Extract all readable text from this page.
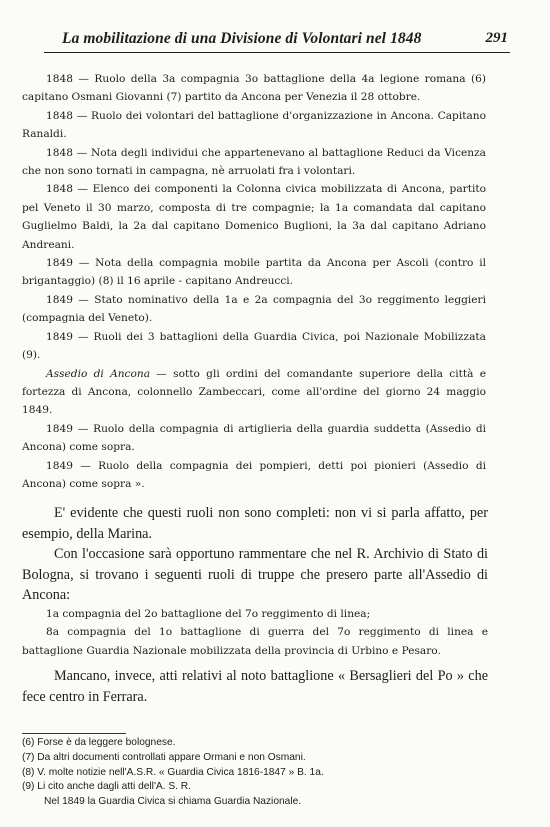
La mobilitazione di una Divisione di Volontari nel 1848	291

1848 — Ruolo della 3a compagnia 3o battaglione della 4a legione romana (6) capitano Osmani Giovanni (7) partito da Ancona per Venezia il 28 ottobre.

1848 — Ruolo dei volontari del battaglione d'organizzazione in Ancona. Capitano Ranaldi.

1848 — Nota degli individui che appartenevano al battaglione Reduci da Vicenza che non sono tornati in campagna, nè arruolati fra i volontari.

1848 — Elenco dei componenti la Colonna civica mobilizzata di Ancona, partito pel Veneto il 30 marzo, composta di tre compagnie; la 1a comandata dal capitano Guglielmo Baldi, la 2a dal capitano Domenico Buglioni, la 3a dal capitano Adriano Andreani.

1849 — Nota della compagnia mobile partita da Ancona per Ascoli (contro il brigantaggio) (8) il 16 aprile - capitano Andreucci.

1849 — Stato nominativo della 1a e 2a compagnia del 3o reggimento leggieri (compagnia del Veneto).

1849 — Ruoli dei 3 battaglioni della Guardia Civica, poi Nazionale Mobilizzata (9).

Assedio di Ancona — sotto gli ordini del comandante superiore della città e fortezza di Ancona, colonnello Zambeccari, come all'ordine del giorno 24 maggio 1849.

1849 — Ruolo della compagnia di artiglieria della guardia suddetta (Assedio di Ancona) come sopra.

1849 — Ruolo della compagnia dei pompieri, detti poi pionieri (Assedio di Ancona) come sopra ».

E' evidente che questi ruoli non sono completi: non vi si parla affatto, per esempio, della Marina.

Con l'occasione sarà opportuno rammentare che nel R. Archivio di Stato di Bologna, si trovano i seguenti ruoli di truppe che presero parte all'Assedio di Ancona:

1a compagnia del 2o battaglione del 7o reggimento di linea;

8a compagnia del 1o battaglione di guerra del 7o reggimento di linea e battaglione Guardia Nazionale mobilizzata della provincia di Urbino e Pesaro.

Mancano, invece, atti relativi al noto battaglione « Bersaglieri del Po » che fece centro in Ferrara.

(6) Forse è da leggere bolognese.

(7) Da altri documenti controllati appare Ormani e non Osmani.

(8) V. molte notizie nell'A.S.R. « Guardia Civica 1816-1847 » B. 1a.

(9) Li cito anche dagli atti dell'A. S. R.

Nel 1849 la Guardia Civica si chiama Guardia Nazionale.
